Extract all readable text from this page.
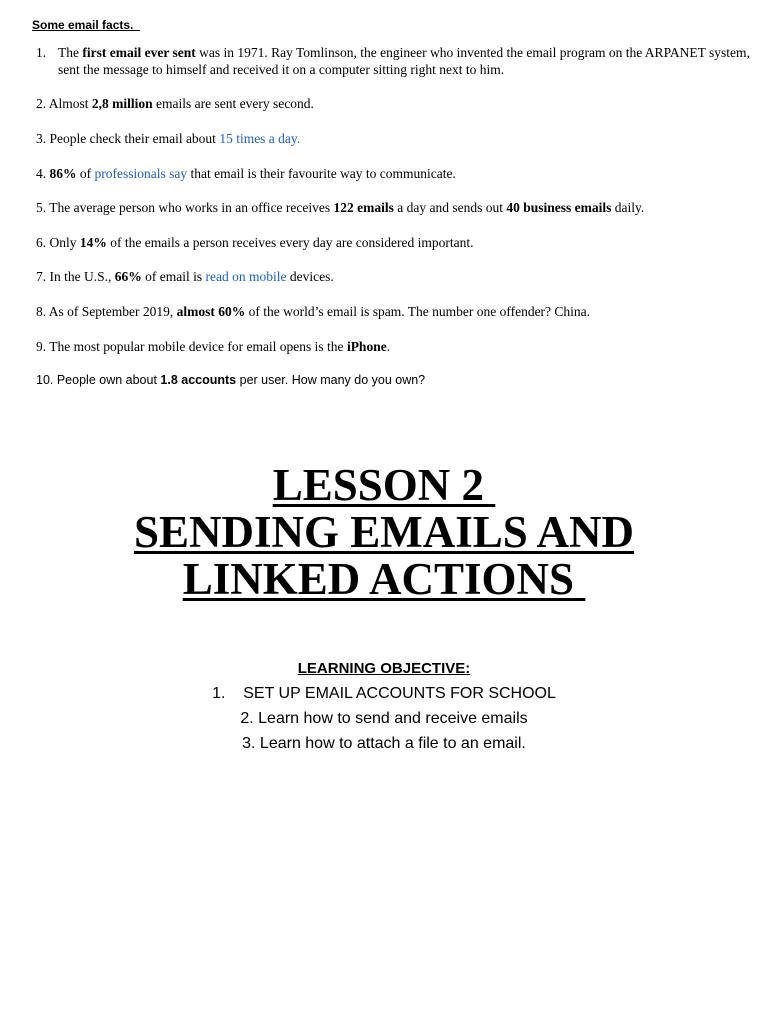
Some email facts.
1. The first email ever sent was in 1971. Ray Tomlinson, the engineer who invented the email program on the ARPANET system, sent the message to himself and received it on a computer sitting right next to him.
2. Almost 2,8 million emails are sent every second.
3. People check their email about 15 times a day.
4. 86% of professionals say that email is their favourite way to communicate.
5. The average person who works in an office receives 122 emails a day and sends out 40 business emails daily.
6. Only 14% of the emails a person receives every day are considered important.
7. In the U.S., 66% of email is read on mobile devices.
8. As of September 2019, almost 60% of the world’s email is spam. The number one offender? China.
9. The most popular mobile device for email opens is the iPhone.
10. People own about 1.8 accounts per user. How many do you own?
LESSON 2
SENDING EMAILS AND
LINKED ACTIONS
LEARNING OBJECTIVE:
1.    SET UP EMAIL ACCOUNTS FOR SCHOOL
2. Learn how to send and receive emails
3. Learn how to attach a file to an email.
